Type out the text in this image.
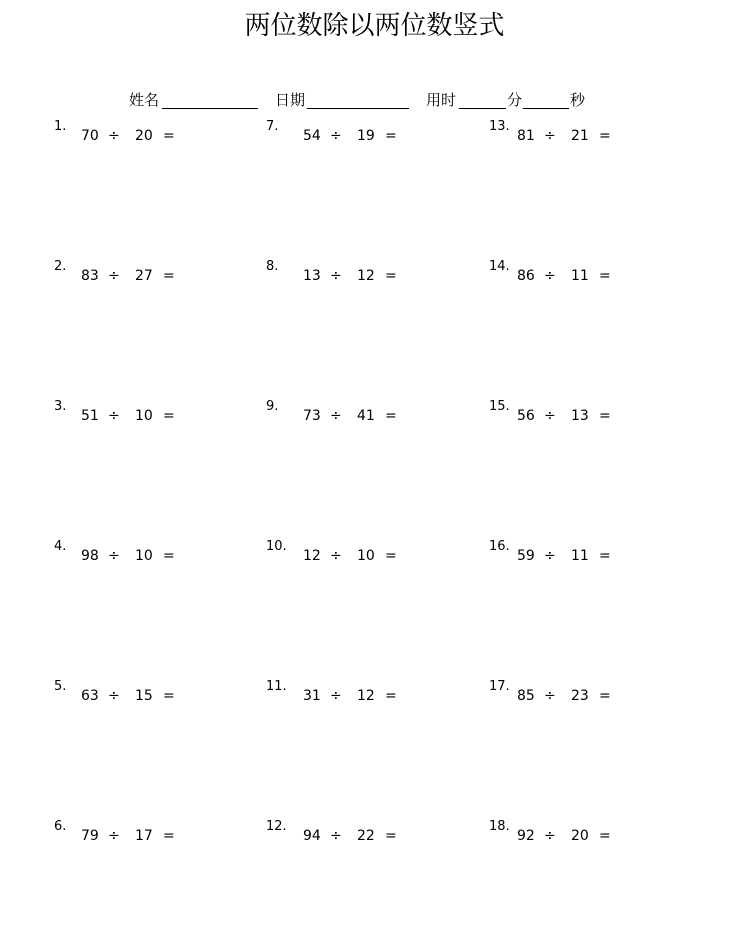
两位数除以两位数竖式
姓名	日期	用时	分	秒
1.
70 ÷ 20 =
2.
83 ÷ 27 =
3.
51 ÷ 10 =
4.
98 ÷ 10 =
5.
63 ÷ 15 =
6.
79 ÷ 17 =
7.
54 ÷ 19 =
8.
13 ÷ 12 =
9.
73 ÷ 41 =
10.
12 ÷ 10 =
11.
31 ÷ 12 =
12.
94 ÷ 22 =
13.
81 ÷ 21 =
14.
86 ÷ 11 =
15.
56 ÷ 13 =
16.
59 ÷ 11 =
17.
85 ÷ 23 =
18.
92 ÷ 20 =
